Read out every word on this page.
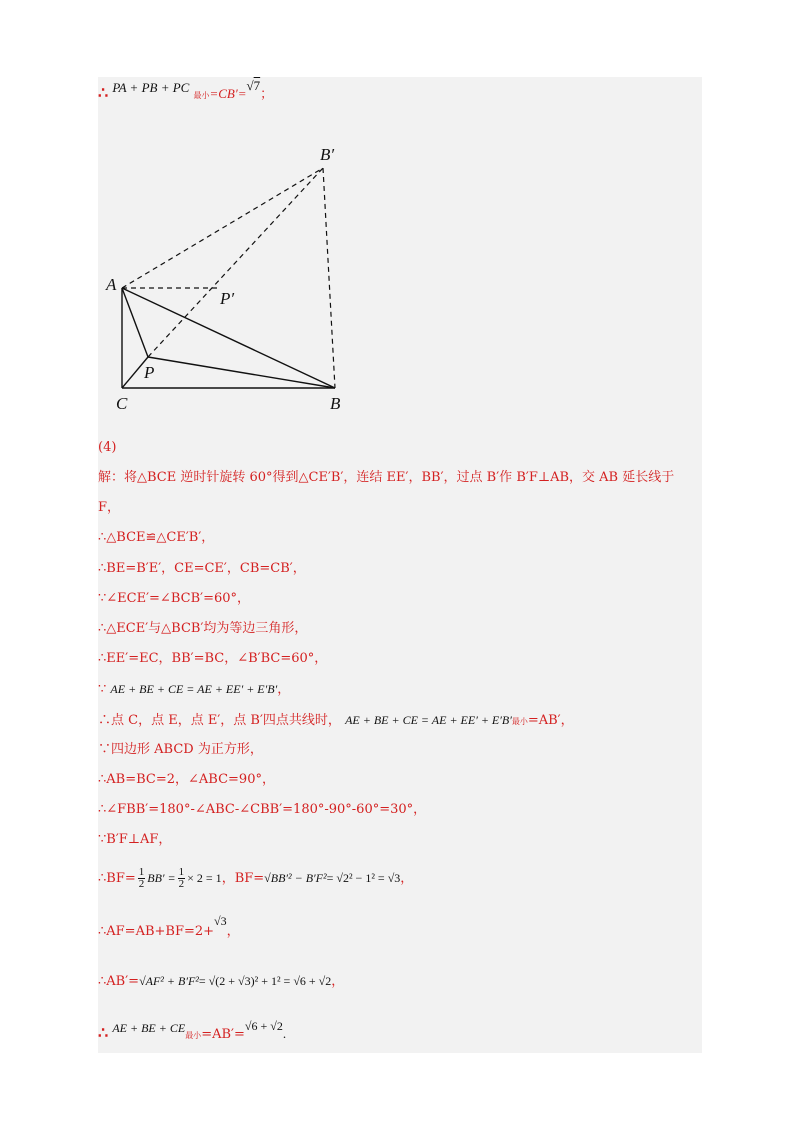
∴ PA + PB + PC 最小=CB′=√7；
B′
A
P′
P
C	B
(4)
解：将△BCE 逆时针旋转 60°得到△CE′B′，连结 EE′，BB′，过点 B′作 B′F⊥AB，交 AB 延长线于
F，
∴△BCE≌△CE′B′，
∴BE=B′E′，CE=CE′，CB=CB′，
∵∠ECE′=∠BCB′=60°，
∴△ECE′与△BCB′均为等边三角形，
∴EE′=EC，BB′=BC，∠B′BC=60°，
∵ AE + BE + CE = AE + EE′ + E′B′，
∴点 C，点 E，点 E′，点 B′四点共线时， AE + BE + CE = AE + EE′ + E′B′最小=AB′，
∵四边形 ABCD 为正方形，
∴AB=BC=2，∠ABC=90°，
∴∠FBB′=180°-∠ABC-∠CBB′=180°-90°-60°=30°，
∵B′F⊥AF，
∴BF= $\frac{1}{2} BB' = \frac{1}{2} \times 2 = 1$，BF=√BB′² − B′F²= √2² − 1² = √3，
∴AF=AB+BF=2+√3，
∴AB′=√AF² + B′F²= √(2 + √3)² + 1² = √6 + √2，
∴ AE + BE + CE最小=AB′=√6 + √2.
